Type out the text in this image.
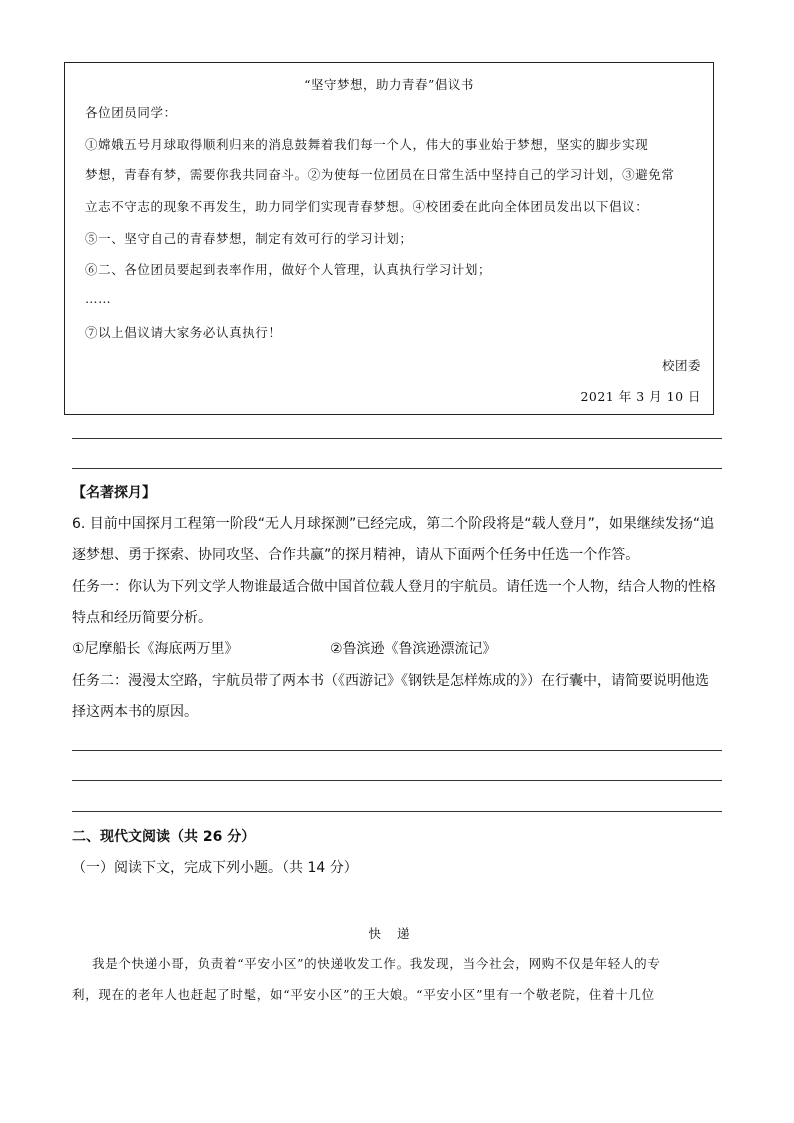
“坚守梦想，助力青春”倡议书
各位团员同学：
①嫦娥五号月球取得顺利归来的消息鼓舞着我们每一个人，伟大的事业始于梦想，坚实的脚步实现
梦想，青春有梦，需要你我共同奋斗。②为使每一位团员在日常生活中坚持自己的学习计划，③避免常
立志不守志的现象不再发生，助力同学们实现青春梦想。④校团委在此向全体团员发出以下倡议：
⑤一、坚守自己的青春梦想，制定有效可行的学习计划；
⑥二、各位团员要起到表率作用，做好个人管理，认真执行学习计划；
……
⑦以上倡议请大家务必认真执行！
校团委
2021 年 3 月 10 日
【名著探月】
6. 目前中国探月工程第一阶段“无人月球探测”已经完成，第二个阶段将是“载人登月”，如果继续发扬“追
逐梦想、勇于探索、协同攻坚、合作共赢”的探月精神，请从下面两个任务中任选一个作答。
任务一：你认为下列文学人物谁最适合做中国首位载人登月的宇航员。请任选一个人物，结合人物的性格
特点和经历简要分析。
①尼摩船长《海底两万里》	②鲁滨逊《鲁滨逊漂流记》
任务二：漫漫太空路，宇航员带了两本书（《西游记》《钢铁是怎样炼成的》）在行囊中，请简要说明他选
择这两本书的原因。
二、现代文阅读（共 26 分）
（一）阅读下文，完成下列小题。（共 14 分）
快递
我是个快递小哥，负责着“平安小区”的快递收发工作。我发现，当今社会，网购不仅是年轻人的专
利，现在的老年人也赶起了时髦，如“平安小区”的王大娘。“平安小区”里有一个敬老院，住着十几位
